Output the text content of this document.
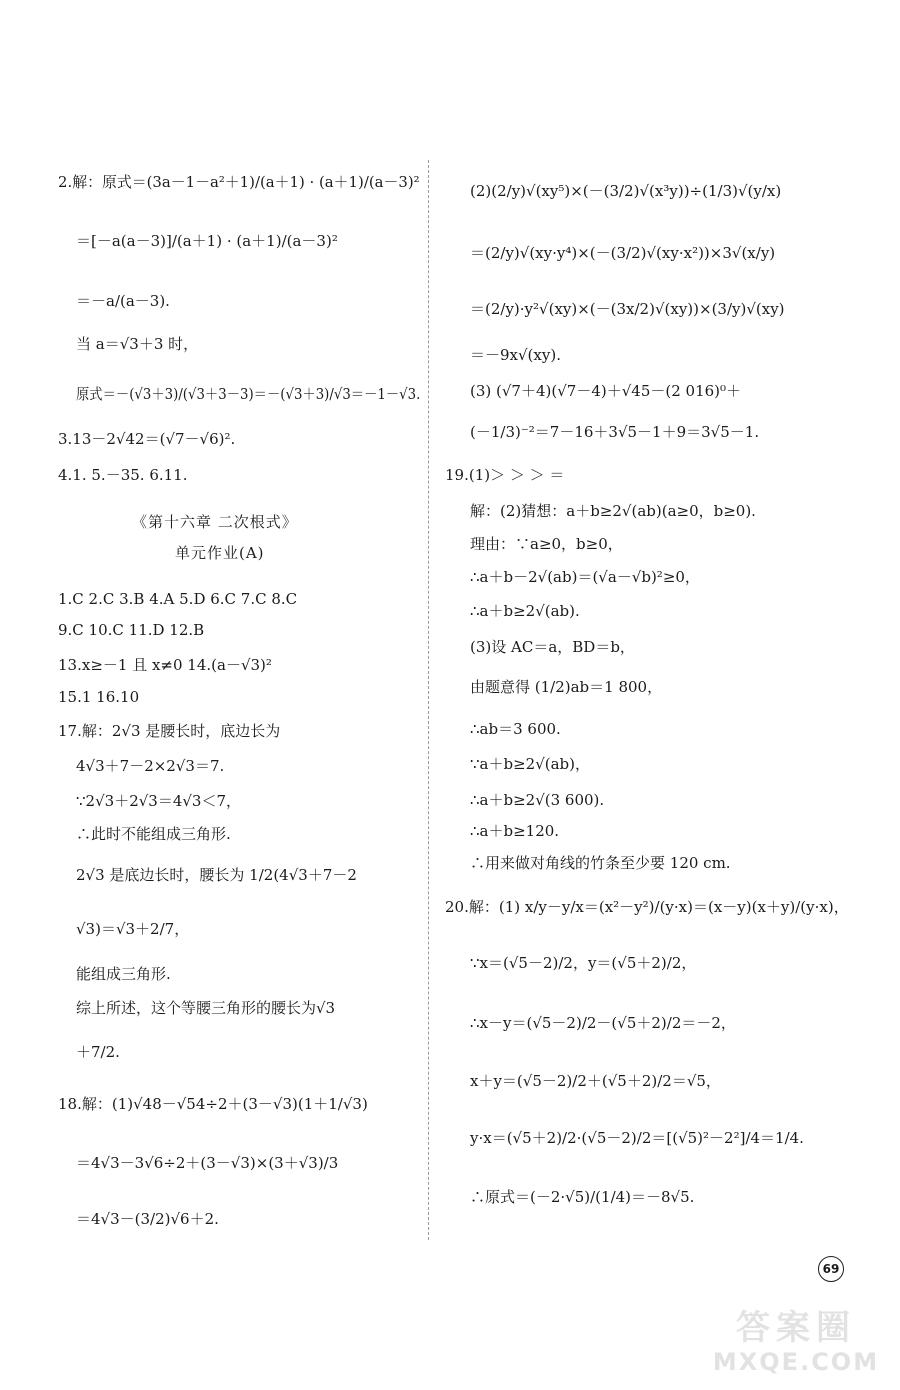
2.解：原式＝(3a－1－a²＋1)/(a＋1) · (a＋1)/(a－3)²
＝[－a(a－3)]/(a＋1) · (a＋1)/(a－3)²
＝－a/(a－3).
当 a＝√3＋3 时，
原式＝－(√3＋3)/(√3＋3－3)＝－(√3＋3)/√3＝－1－√3.
3.13－2√42＝(√7－√6)².
4.1. 5.－35. 6.11.
《第十六章 二次根式》
单元作业(A)
1.C 2.C 3.B 4.A 5.D 6.C 7.C 8.C
9.C 10.C 11.D 12.B
13.x≥－1 且 x≠0 14.(a－√3)²
15.1 16.10
17.解：2√3 是腰长时，底边长为
4√3＋7－2×2√3＝7.
∵2√3＋2√3＝4√3＜7，
∴此时不能组成三角形.
2√3 是底边长时，腰长为 1/2(4√3＋7－2
√3)＝√3＋2/7，
能组成三角形.
综上所述，这个等腰三角形的腰长为√3
＋7/2.
18.解：(1)√48－√54÷2＋(3－√3)(1＋1/√3)
＝4√3－3√6÷2＋(3－√3)×(3＋√3)/3
＝4√3－(3/2)√6＋2.
(2)(2/y)√(xy⁵)×(－(3/2)√(x³y))÷(1/3)√(y/x)
＝(2/y)√(xy·y⁴)×(－(3/2)√(xy·x²))×3√(x/y)
＝(2/y)·y²√(xy)×(－(3x/2)√(xy))×(3/y)√(xy)
＝－9x√(xy).
(3) (√7＋4)(√7－4)＋√45－(2 016)⁰＋
(－1/3)⁻²＝7－16＋3√5－1＋9＝3√5－1.
19.(1)＞ ＞ ＞ ＝
解：(2)猜想：a＋b≥2√(ab)(a≥0，b≥0).
理由：∵a≥0，b≥0，
∴a＋b－2√(ab)＝(√a－√b)²≥0，
∴a＋b≥2√(ab).
(3)设 AC＝a，BD＝b，
由题意得 (1/2)ab＝1 800，
∴ab＝3 600.
∵a＋b≥2√(ab)，
∴a＋b≥2√(3 600).
∴a＋b≥120.
∴用来做对角线的竹条至少要 120 cm.
20.解：(1) x/y－y/x＝(x²－y²)/(y·x)＝(x－y)(x＋y)/(y·x)，
∵x＝(√5－2)/2，y＝(√5＋2)/2，
∴x－y＝(√5－2)/2－(√5＋2)/2＝－2，
x＋y＝(√5－2)/2＋(√5＋2)/2＝√5，
y·x＝(√5＋2)/2·(√5－2)/2＝[(√5)²－2²]/4＝1/4.
∴原式＝(－2·√5)/(1/4)＝－8√5.
69
答案圈
MXQE.COM
